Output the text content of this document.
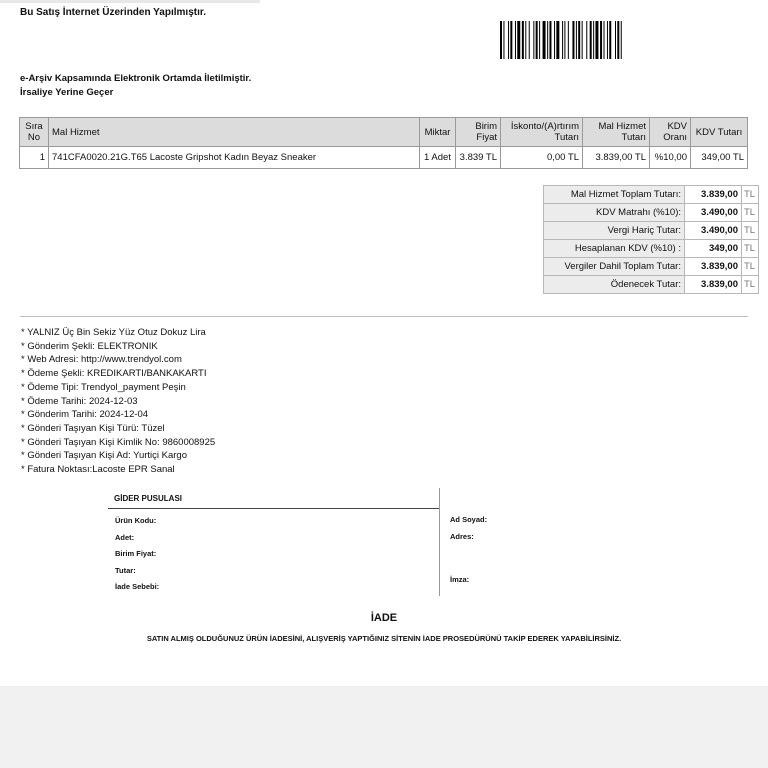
Bu Satış İnternet Üzerinden Yapılmıştır.
e-Arşiv Kapsamında Elektronik Ortamda İletilmiştir.
İrsaliye Yerine Geçer
Sıra No	Mal Hizmet	Miktar	Birim Fiyat	İskonto/(A)rtırım Tutarı	Mal Hizmet Tutarı	KDV Oranı	KDV Tutarı
1	741CFA0020.21G.T65 Lacoste Gripshot Kadın Beyaz Sneaker	1 Adet	3.839 TL	0,00 TL	3.839,00 TL	%10,00	349,00 TL
Mal Hizmet Toplam Tutarı:	3.839,00	TL
KDV Matrahı (%10):	3.490,00	TL
Vergi Hariç Tutar:	3.490,00	TL
Hesaplanan KDV (%10) :	349,00	TL
Vergiler Dahil Toplam Tutar:	3.839,00	TL
Ödenecek Tutar:	3.839,00	TL
* YALNIZ Üç Bin Sekiz Yüz Otuz Dokuz Lira
* Gönderim Şekli: ELEKTRONIK
* Web Adresi: http://www.trendyol.com
* Ödeme Şekli: KREDIKARTI/BANKAKARTI
* Ödeme Tipi: Trendyol_payment Peşin
* Ödeme Tarihi: 2024-12-03
* Gönderim Tarihi: 2024-12-04
* Gönderi Taşıyan Kişi Türü: Tüzel
* Gönderi Taşıyan Kişi Kimlik No: 9860008925
* Gönderi Taşıyan Kişi Ad: Yurtiçi Kargo
* Fatura Noktası:Lacoste EPR Sanal
GİDER PUSULASI
Ürün Kodu:
Adet:
Birim Fiyat:
Tutar:
İade Sebebi:
Ad Soyad:
Adres:
İmza:
İADE
SATIN ALMIŞ OLDUĞUNUZ ÜRÜN İADESİNİ, ALIŞVERİŞ YAPTIĞINIZ SİTENİN İADE PROSEDÜRÜNÜ TAKİP EDEREK YAPABİLİRSİNİZ.
